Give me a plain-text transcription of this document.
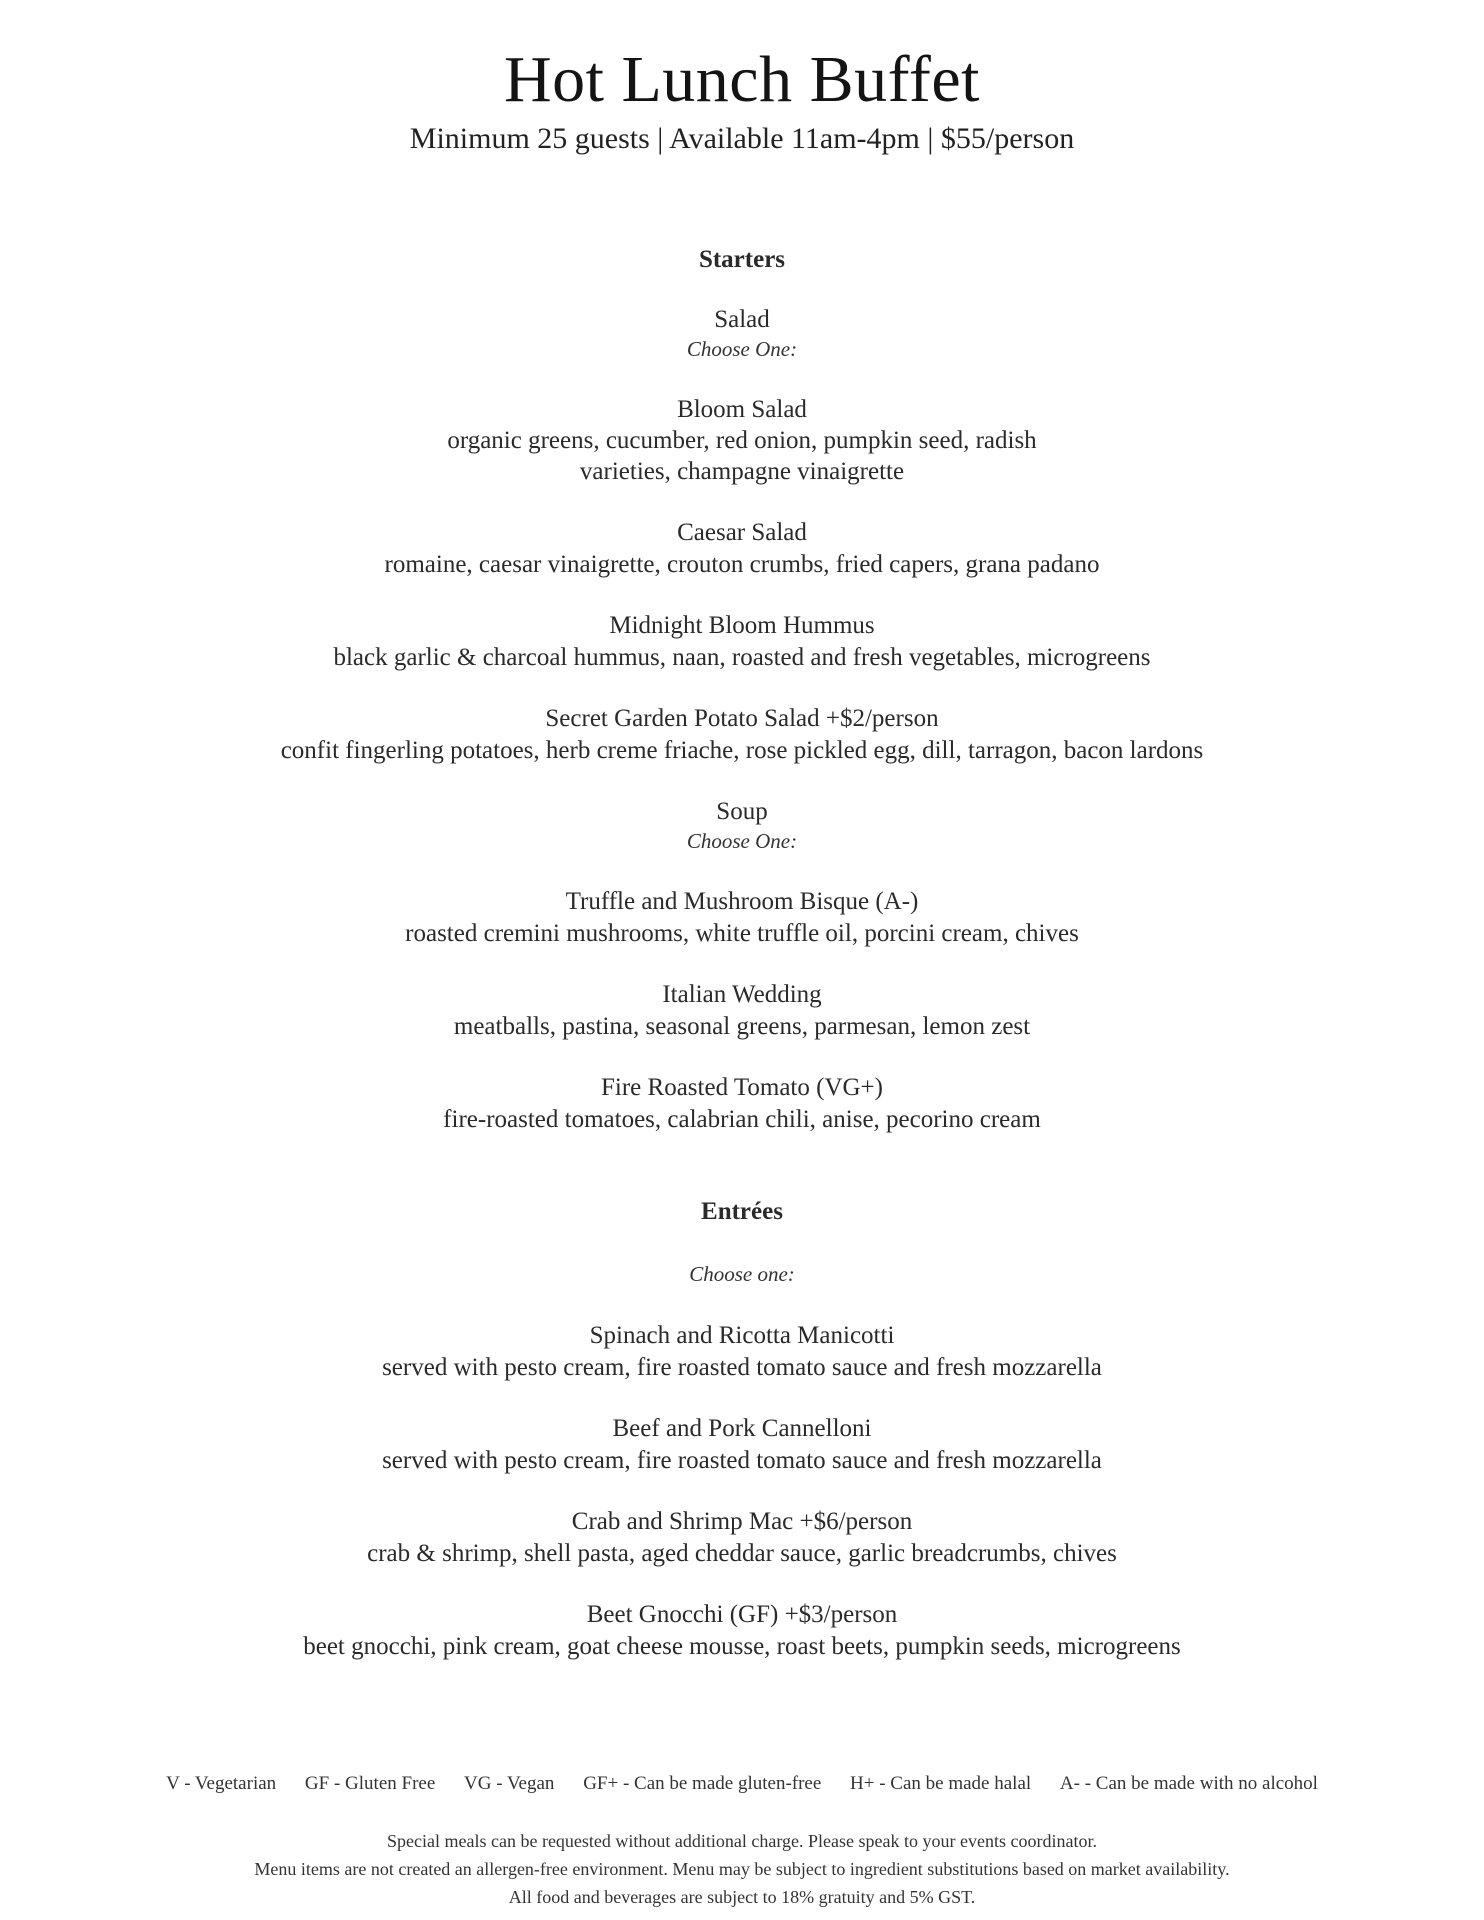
Hot Lunch Buffet
Minimum 25 guests | Available 11am-4pm | $55/person
Starters
Salad
Choose One:
Bloom Salad
organic greens, cucumber, red onion, pumpkin seed, radish
varieties, champagne vinaigrette
Caesar Salad
romaine, caesar vinaigrette, crouton crumbs, fried capers, grana padano
Midnight Bloom Hummus
black garlic & charcoal hummus, naan, roasted and fresh vegetables, microgreens
Secret Garden Potato Salad +$2/person
confit fingerling potatoes, herb creme friache, rose pickled egg, dill, tarragon, bacon lardons
Soup
Choose One:
Truffle and Mushroom Bisque (A-)
roasted cremini mushrooms, white truffle oil, porcini cream, chives
Italian Wedding
meatballs, pastina, seasonal greens, parmesan, lemon zest
Fire Roasted Tomato (VG+)
fire-roasted tomatoes, calabrian chili, anise, pecorino cream
Entrées
Choose one:
Spinach and Ricotta Manicotti
served with pesto cream, fire roasted tomato sauce and fresh mozzarella
Beef and Pork Cannelloni
served with pesto cream, fire roasted tomato sauce and fresh mozzarella
Crab and Shrimp Mac +$6/person
crab & shrimp, shell pasta, aged cheddar sauce, garlic breadcrumbs, chives
Beet Gnocchi (GF) +$3/person
beet gnocchi, pink cream, goat cheese mousse, roast beets, pumpkin seeds, microgreens
V - Vegetarian GF - Gluten Free VG - Vegan GF+ - Can be made gluten-free H+ - Can be made halal A- - Can be made with no alcohol
Special meals can be requested without additional charge. Please speak to your events coordinator.
Menu items are not created an allergen-free environment. Menu may be subject to ingredient substitutions based on market availability.
All food and beverages are subject to 18% gratuity and 5% GST.
